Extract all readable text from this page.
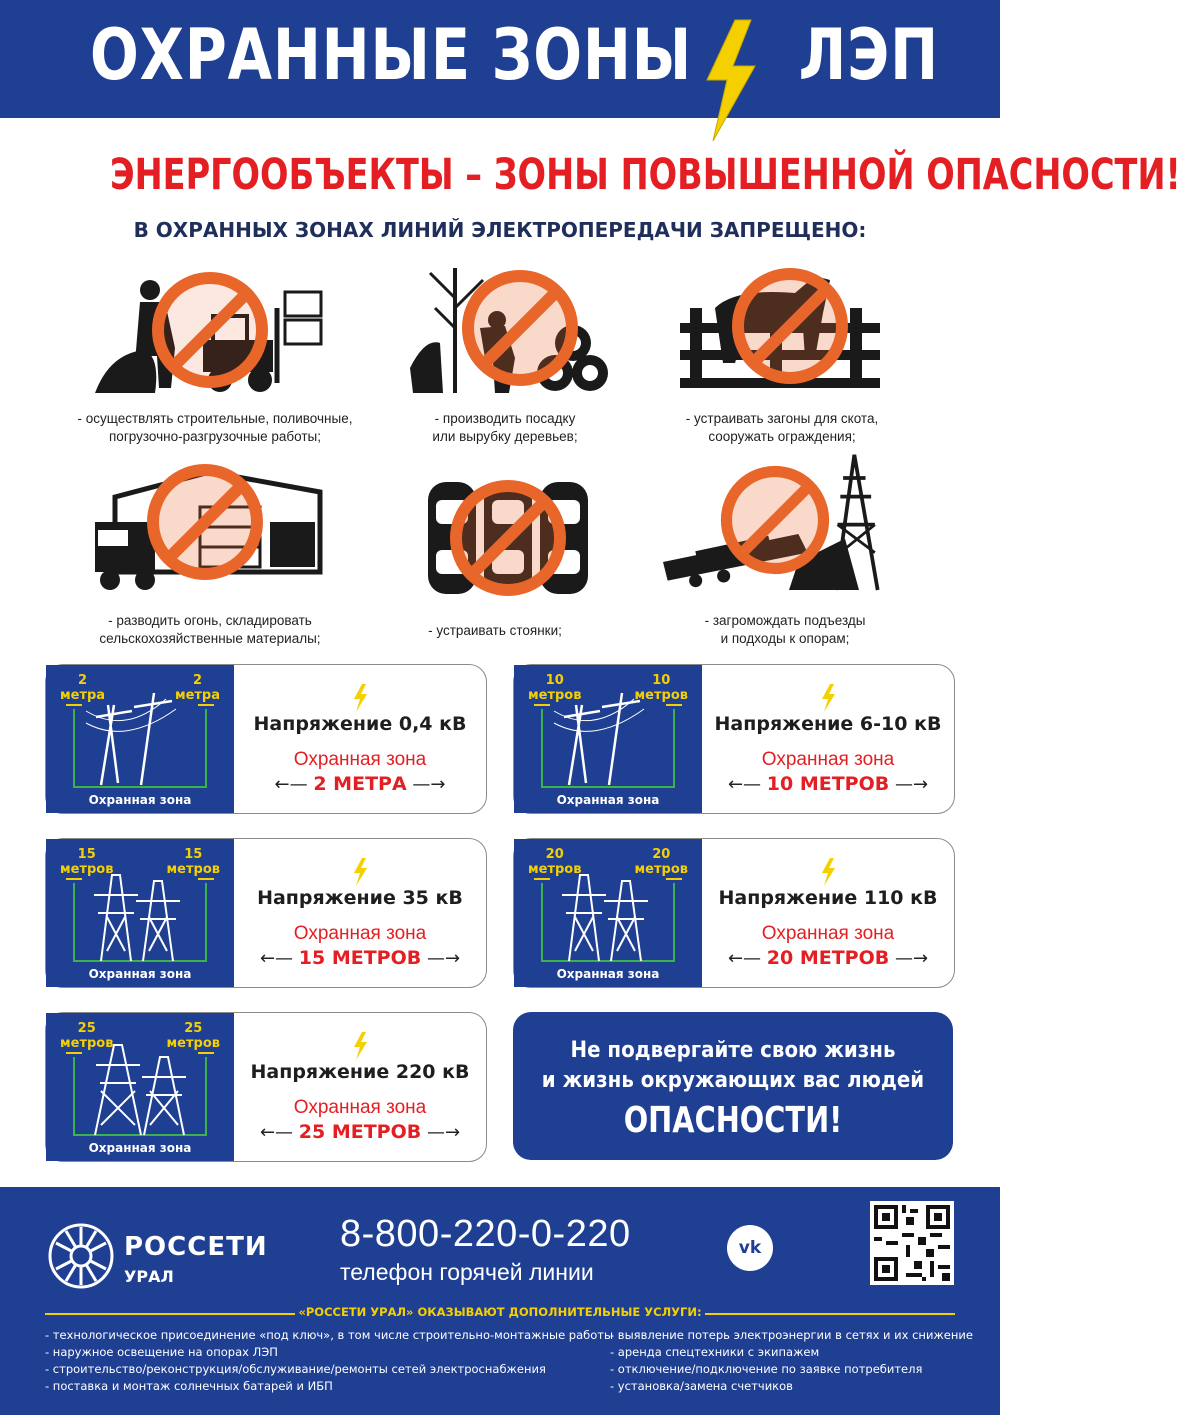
ОХРАННЫЕ ЗОНЫ ЛЭП
ЭНЕРГООБЪЕКТЫ – ЗОНЫ ПОВЫШЕННОЙ ОПАСНОСТИ!
В ОХРАННЫХ ЗОНАХ ЛИНИЙ ЭЛЕКТРОПЕРЕДАЧИ ЗАПРЕЩЕНО:
- осуществлять строительные, поливочные,
погрузочно-разгрузочные работы;
- производить посадку
или вырубку деревьев;
- устраивать загоны для скота,
сооружать ограждения;
- разводить огонь, складировать
сельскохозяйственные материалы;
- устраивать стоянки;
- загромождать подъезды
и подходы к опорам;
2
метра
2
метра
Охранная зона
Напряжение 0,4 кВ
Охранная зона
←— 2 МЕТРА —→
10
метров
10
метров
Охранная зона
Напряжение 6-10 кВ
Охранная зона
←— 10 МЕТРОВ —→
15
метров
15
метров
Охранная зона
Напряжение 35 кВ
Охранная зона
←— 15 МЕТРОВ —→
20
метров
20
метров
Охранная зона
Напряжение 110 кВ
Охранная зона
←— 20 МЕТРОВ —→
25
метров
25
метров
Охранная зона
Напряжение 220 кВ
Охранная зона
←— 25 МЕТРОВ —→
Не подвергайте свою жизнь
и жизнь окружающих вас людей
ОПАСНОСТИ!
РОССЕТИ
УРАЛ
8-800-220-0-220
телефон горячей линии
vk
«РОССЕТИ УРАЛ» ОКАЗЫВАЮТ ДОПОЛНИТЕЛЬНЫЕ УСЛУГИ:
- технологическое присоединение «под ключ», в том числе строительно-монтажные работы
- наружное освещение на опорах ЛЭП
- строительство/реконструкция/обслуживание/ремонты сетей электроснабжения
- поставка и монтаж солнечных батарей и ИБП
- выявление потерь электроэнергии в сетях и их снижение
- аренда спецтехники с экипажем
- отключение/подключение по заявке потребителя
- установка/замена счетчиков
